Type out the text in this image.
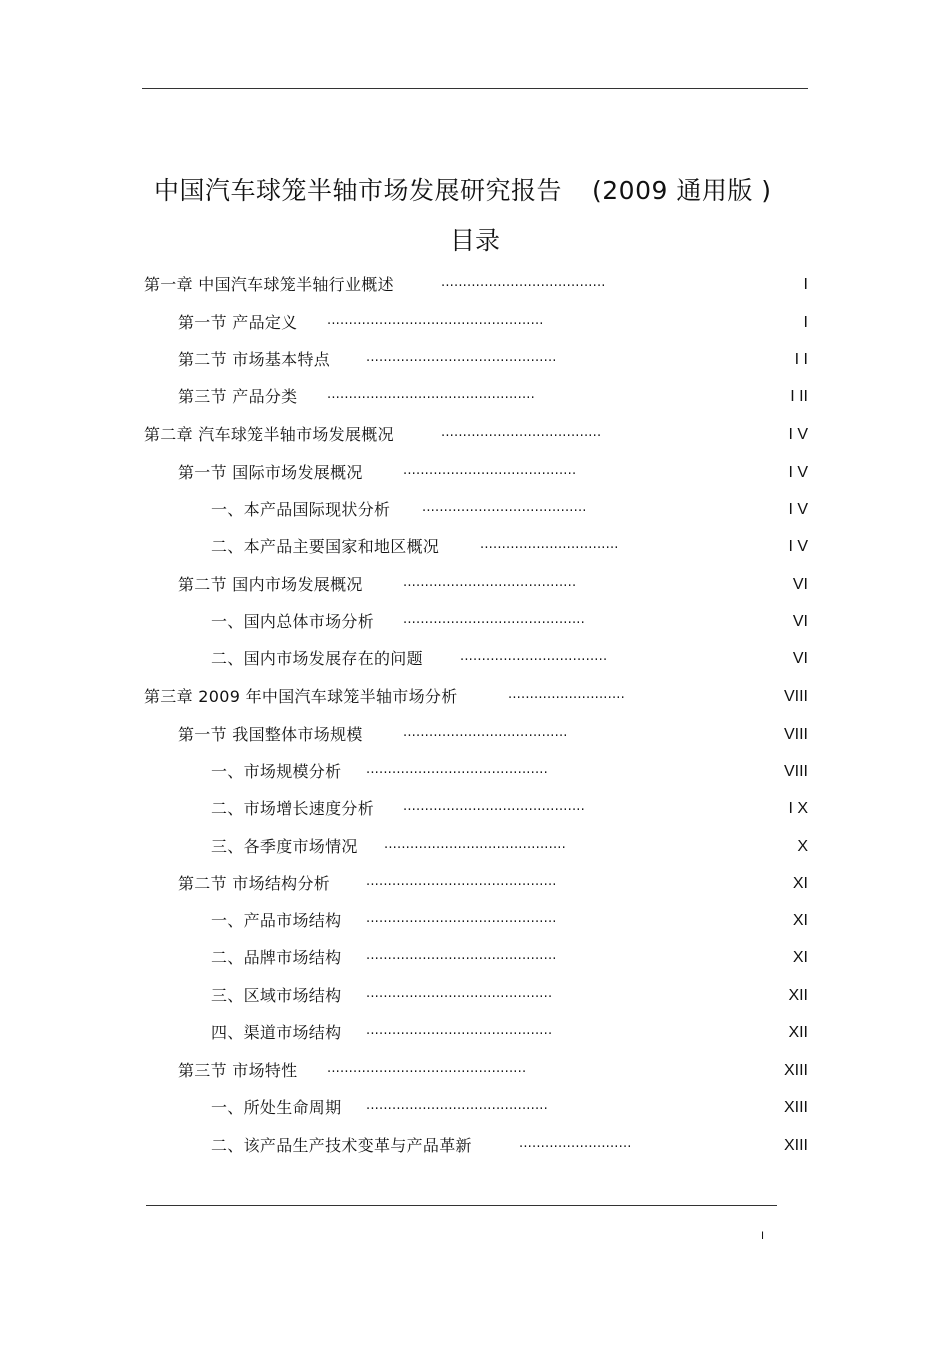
中国汽车球笼半轴市场发展研究报告 (2009 通用版 )
目录
第一章 中国汽车球笼半轴行业概述	......................................	I
第一节 产品定义 ..................................................	I
第二节 市场基本特点	............................................	I I
第三节 产品分类 ................................................	I II
第二章 汽车球笼半轴市场发展概况	.....................................	I V
第一节 国际市场发展概况	........................................	I V
一、本产品国际现状分析 ......................................	I V
二、本产品主要国家和地区概况	................................	I V
第二节 国内市场发展概况	........................................	VI
一、国内总体市场分析 ..........................................	VI
二、国内市场发展存在的问题	..................................	VI
第三章 2009 年中国汽车球笼半轴市场分析	...........................	VIII
第一节 我国整体市场规模	......................................	VIII
一、市场规模分析 ..........................................	VIII
二、市场增长速度分析 ..........................................	I X
三、各季度市场情况 ..........................................	X
第二节 市场结构分析	............................................	XI
一、产品市场结构 ............................................	XI
二、品牌市场结构 ............................................	XI
三、区域市场结构 ...........................................	XII
四、渠道市场结构 ...........................................	XII
第三节 市场特性 ..............................................	XIII
一、所处生命周期 ..........................................	XIII
二、该产品生产技术变革与产品革新	..........................	XIII
I
